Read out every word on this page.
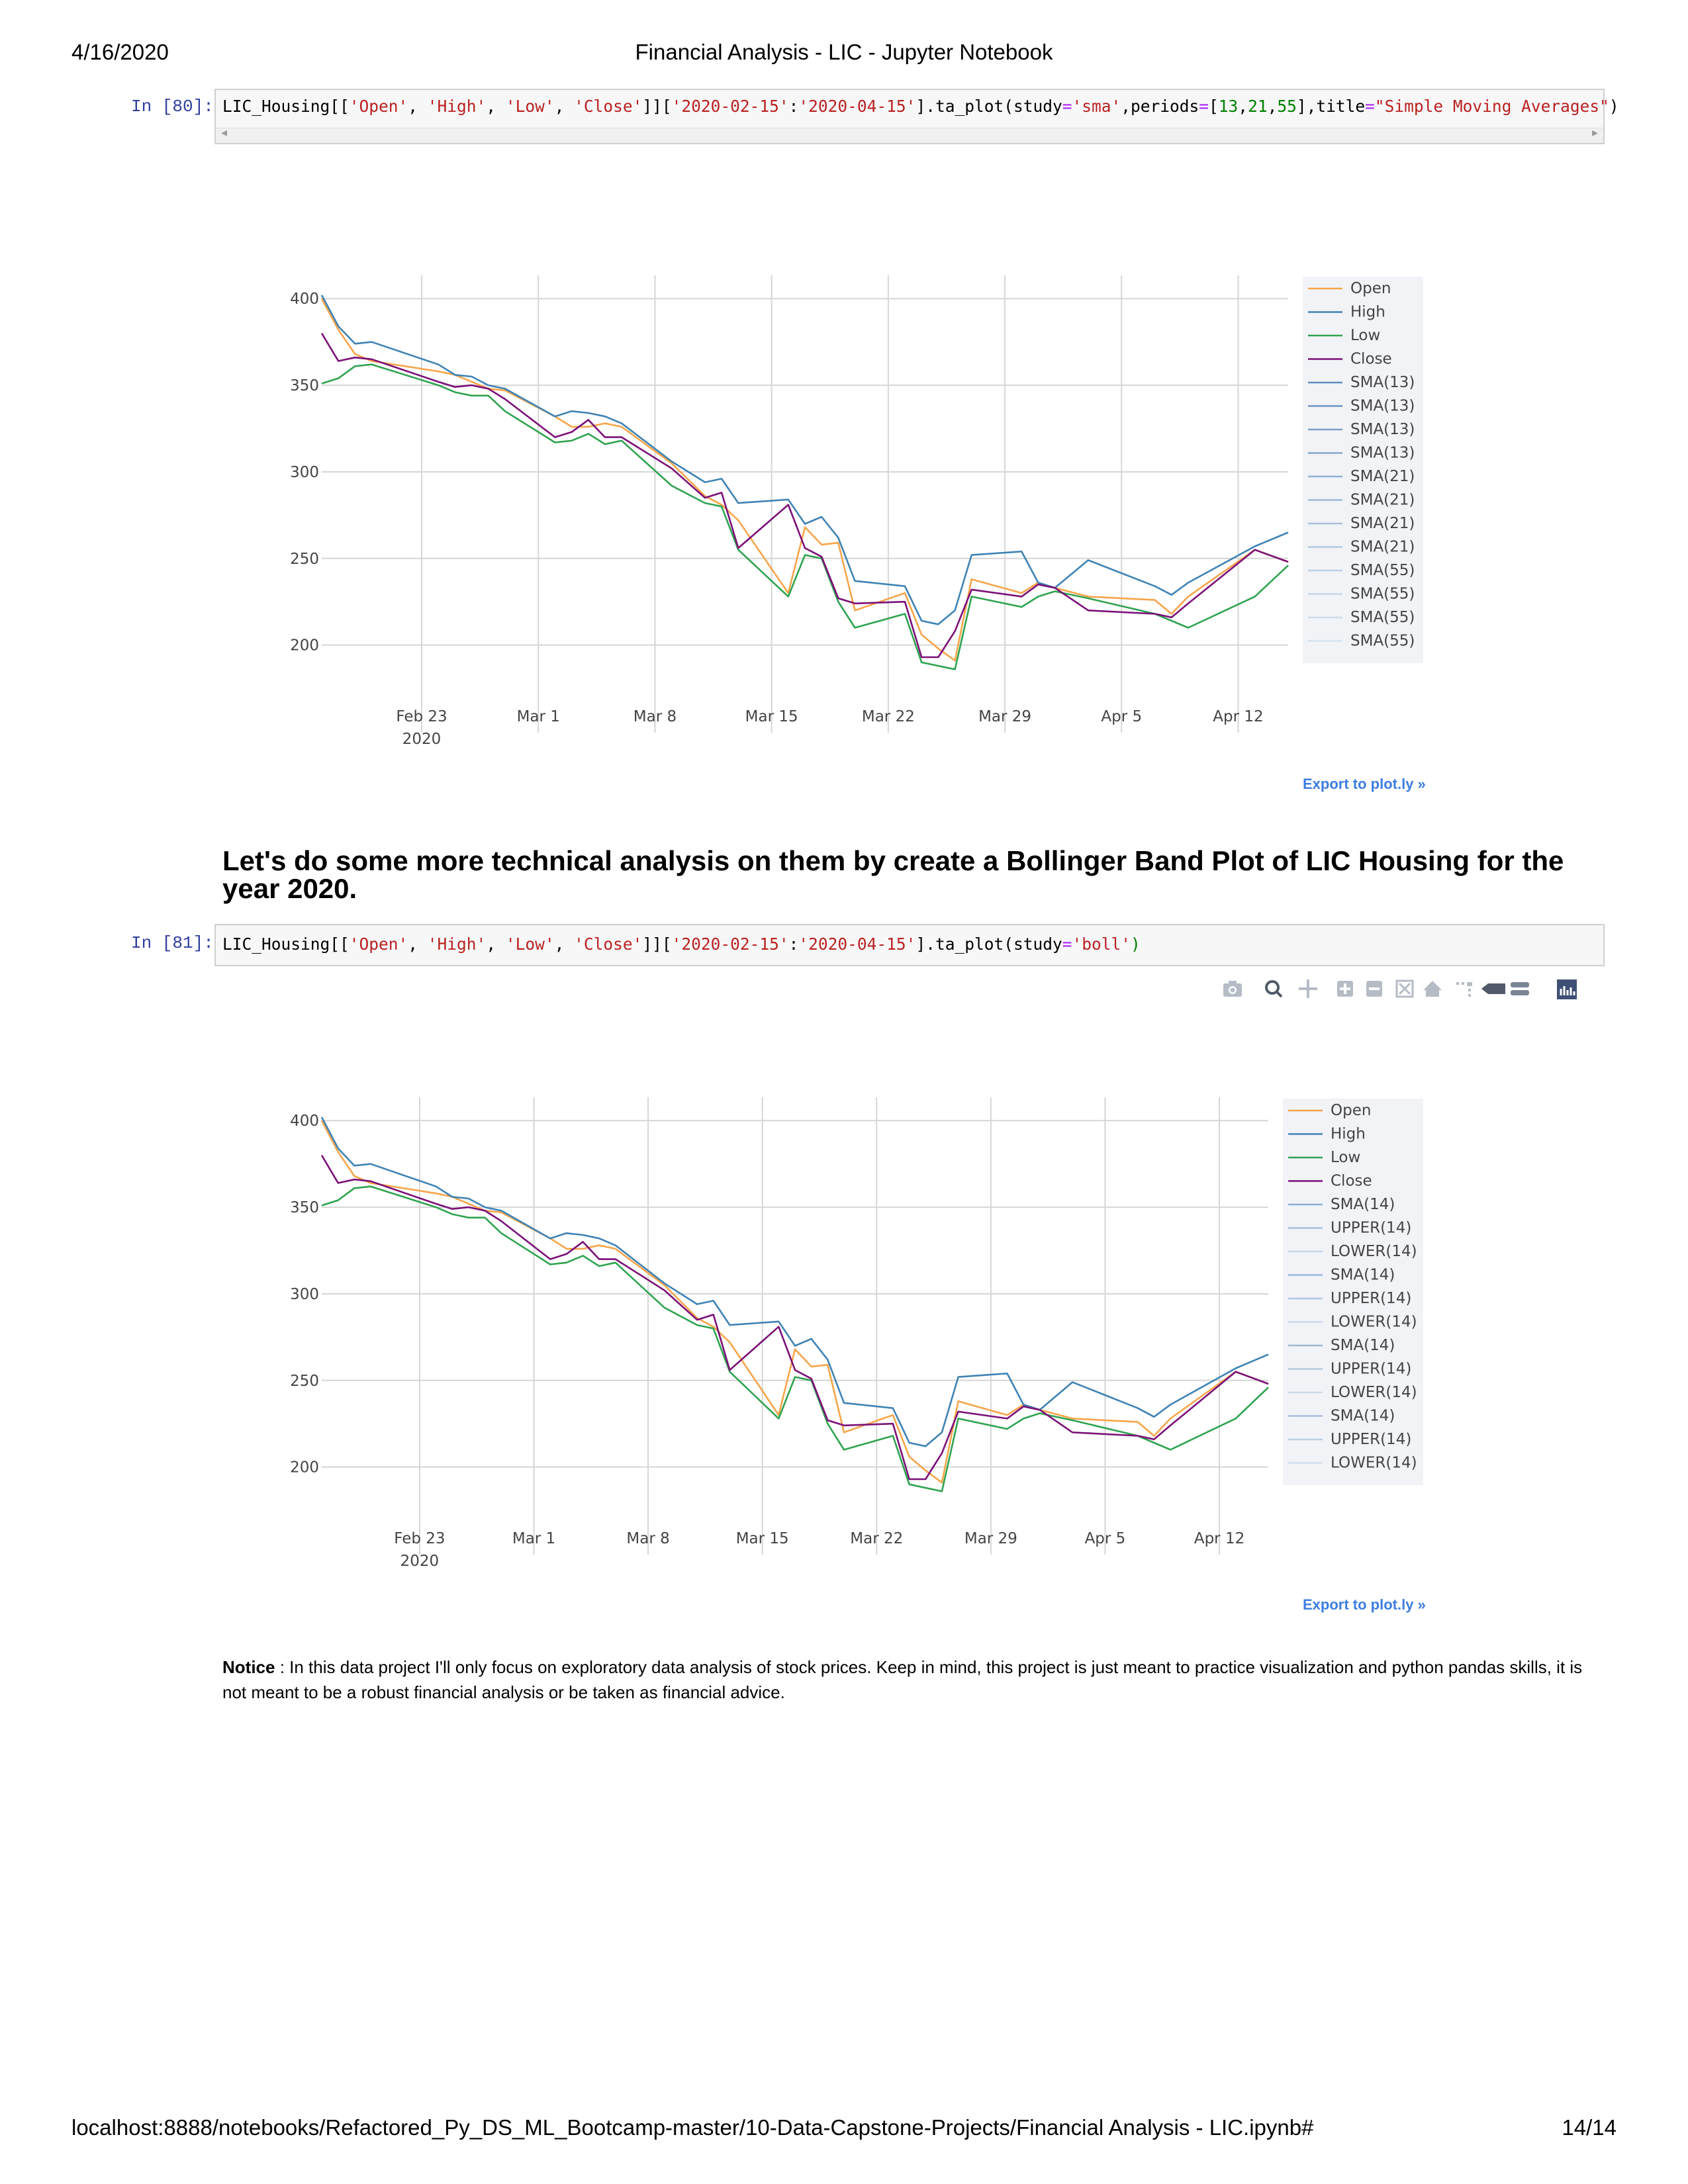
4/16/2020	Financial Analysis - LIC - Jupyter Notebook
In [80]: LIC_Housing[['Open', 'High', 'Low', 'Close']]['2020-02-15':'2020-04-15'].ta_plot(study='sma',periods=[13,21,55],title="Simple Moving Averages")
◂	▸
200
250
300
350
400
Feb 23
2020
Mar 1	Mar 8	Mar 15	Mar 22	Mar 29	Apr 5	Apr 12
Open
High
Low
Close
SMA(13)
SMA(13)
SMA(13)
SMA(13)
SMA(21)
SMA(21)
SMA(21)
SMA(21)
SMA(55)
SMA(55)
SMA(55)
SMA(55)
Export to plot.ly »
Let's do some more technical analysis on them by create a Bollinger Band Plot of LIC Housing for the year 2020.
In [81]: LIC_Housing[['Open', 'High', 'Low', 'Close']]['2020-02-15':'2020-04-15'].ta_plot(study='boll')
200
250
300
350
400
Feb 23
2020
Mar 1	Mar 8	Mar 15	Mar 22	Mar 29	Apr 5	Apr 12
Open
High
Low
Close
SMA(14)
UPPER(14)
LOWER(14)
SMA(14)
UPPER(14)
LOWER(14)
SMA(14)
UPPER(14)
LOWER(14)
SMA(14)
UPPER(14)
LOWER(14)
Export to plot.ly »
Notice : In this data project I'll only focus on exploratory data analysis of stock prices. Keep in mind, this project is just meant to practice visualization and python pandas skills, it is not meant to be a robust financial analysis or be taken as financial advice.
localhost:8888/notebooks/Refactored_Py_DS_ML_Bootcamp-master/10-Data-Capstone-Projects/Financial Analysis - LIC.ipynb#	14/14
